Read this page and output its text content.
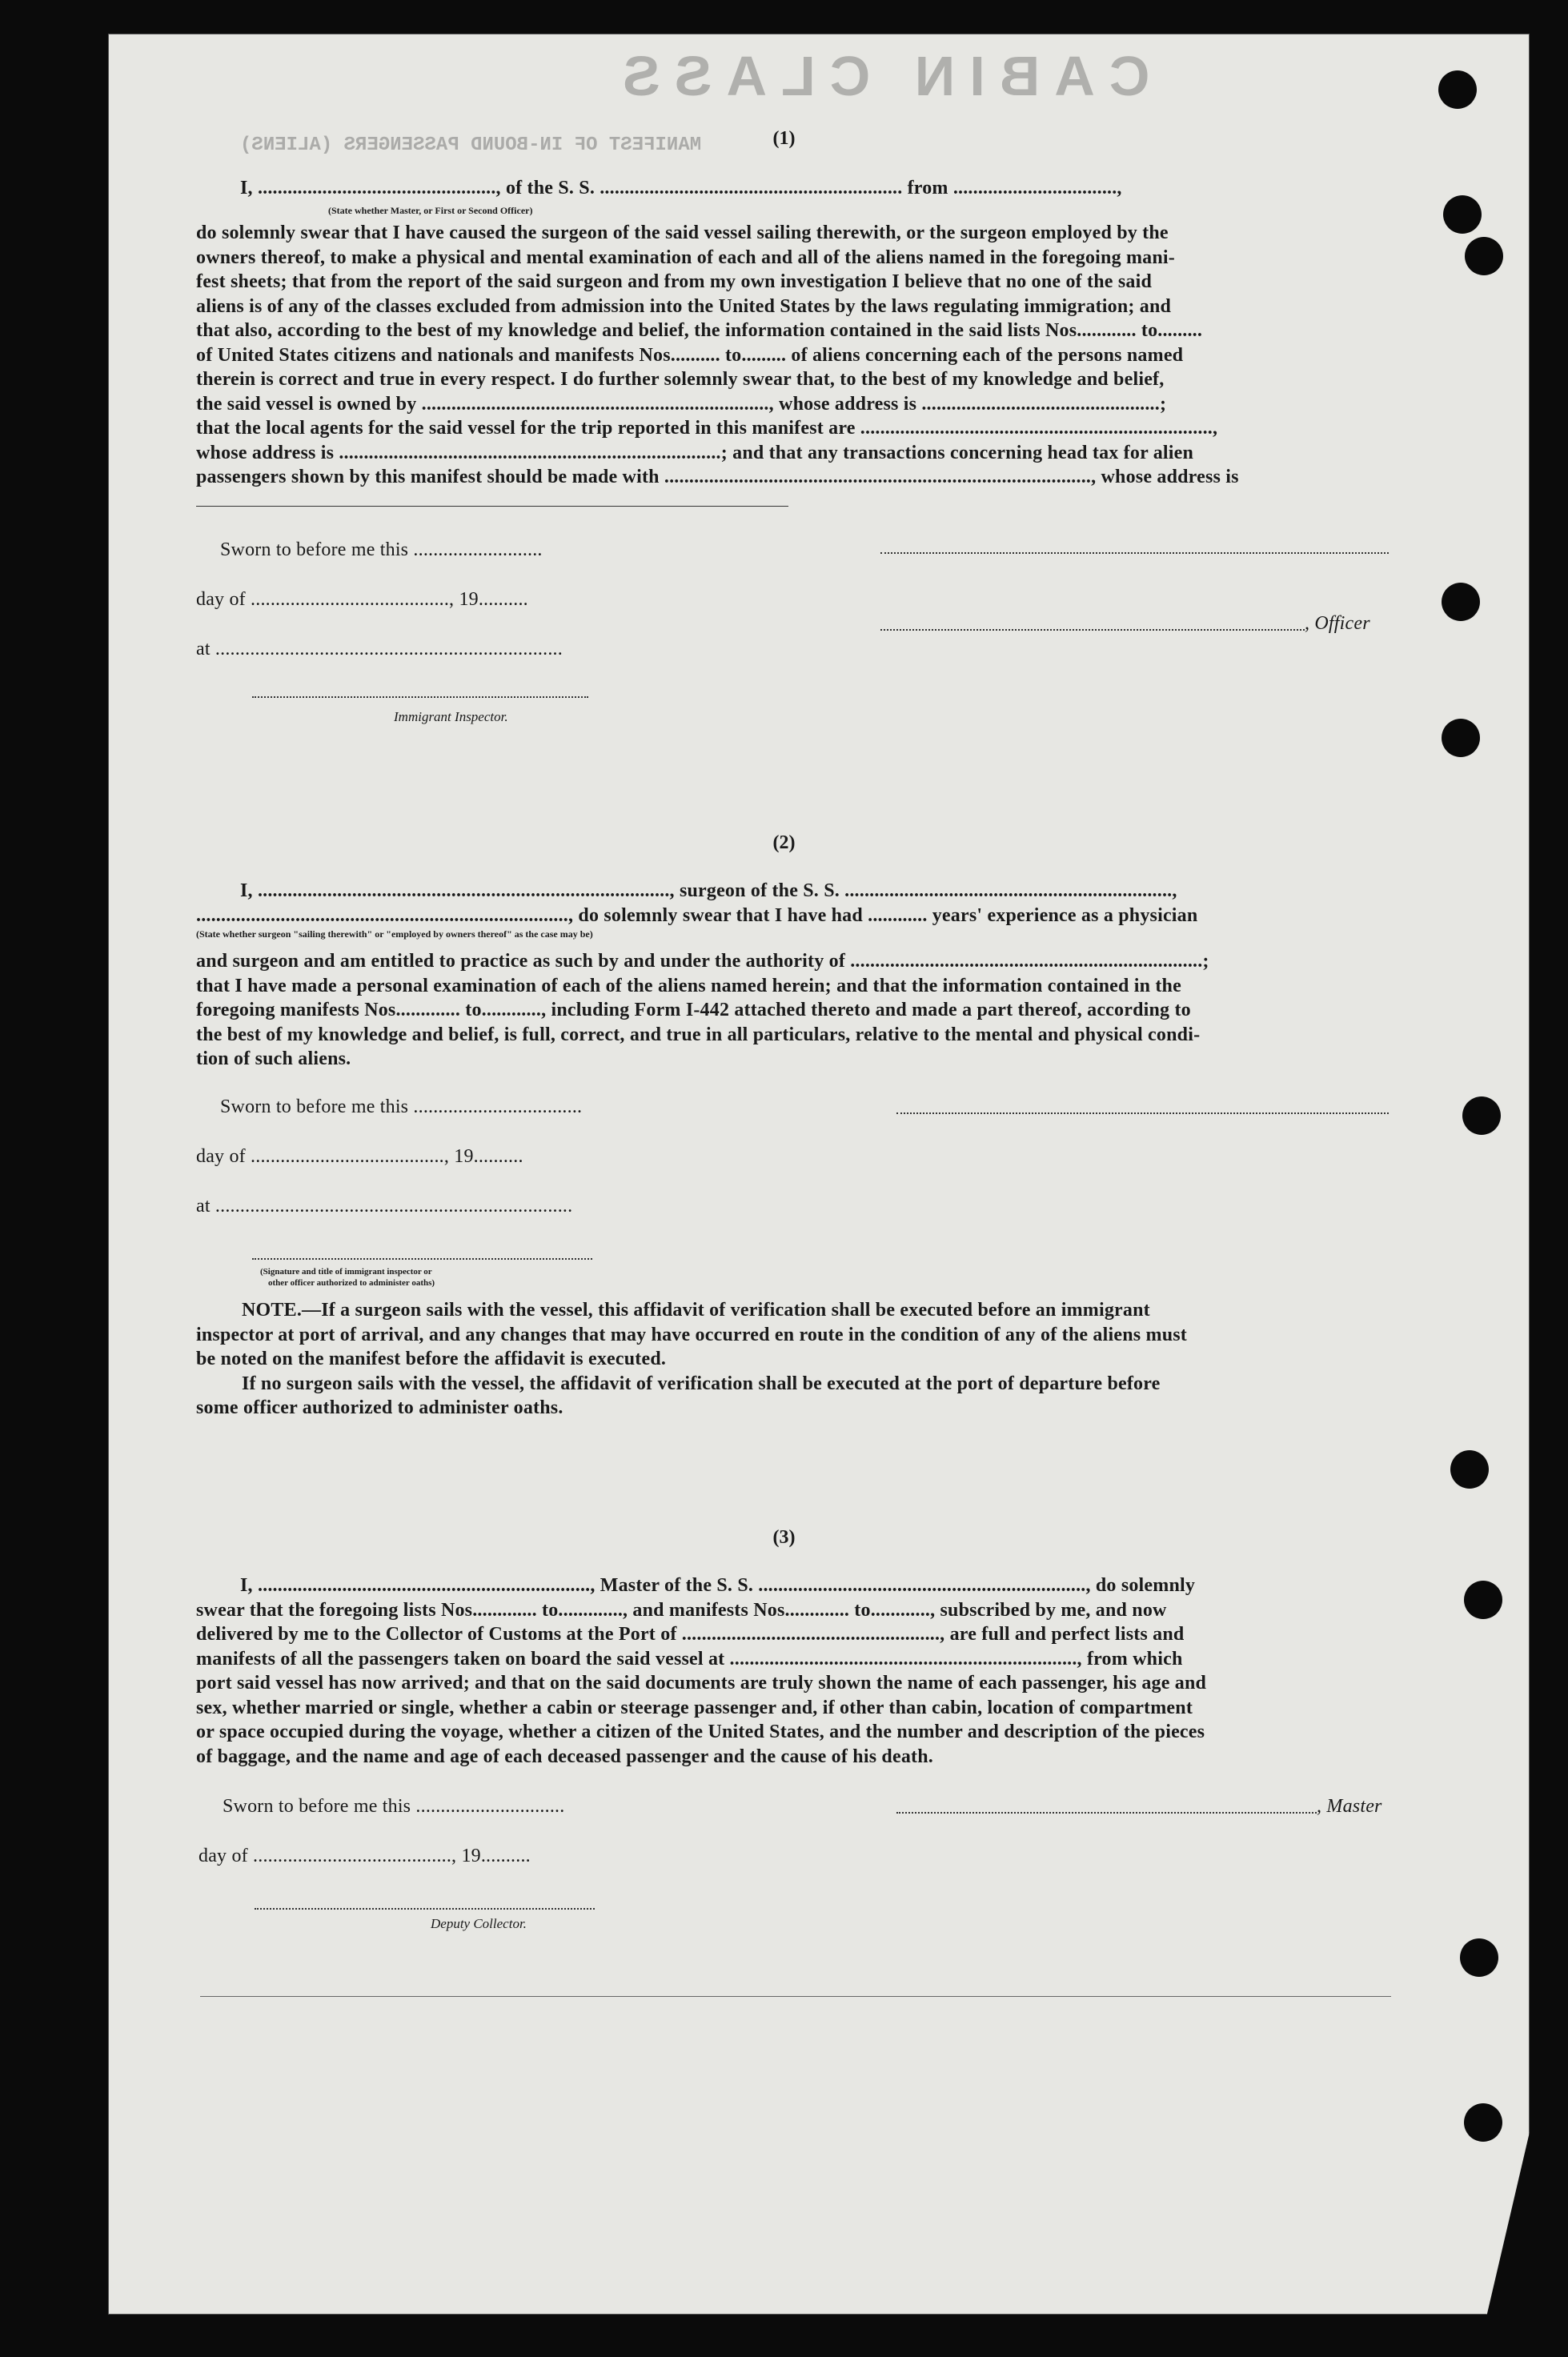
CABIN CLASS
MANIFEST OF IN-BOUND PASSENGERS (ALIENS)	(1)
I, ................................................, of the S. S. ............................................................. from .................................,
(State whether Master, or First or Second Officer)
do solemnly swear that I have caused the surgeon of the said vessel sailing therewith, or the surgeon employed by the
owners thereof, to make a physical and mental examination of each and all of the aliens named in the foregoing mani-
fest sheets; that from the report of the said surgeon and from my own investigation I believe that no one of the said
aliens is of any of the classes excluded from admission into the United States by the laws regulating immigration; and
that also, according to the best of my knowledge and belief, the information contained in the said lists Nos............ to.........
of United States citizens and nationals and manifests Nos.......... to......... of aliens concerning each of the persons named
therein is correct and true in every respect. I do further solemnly swear that, to the best of my knowledge and belief,
the said vessel is owned by ......................................................................, whose address is ................................................;
that the local agents for the said vessel for the trip reported in this manifest are .......................................................................,
whose address is .............................................................................; and that any transactions concerning head tax for alien
passengers shown by this manifest should be made with ......................................................................................, whose address is
Sworn to before me this ..........................
day of ........................................, 19..........
, Officer
at ......................................................................
Immigrant Inspector.
(2)
I, ..................................................................................., surgeon of the S. S. ..................................................................,
..........................................................................., do solemnly swear that I have had ............ years' experience as a physician
(State whether surgeon "sailing therewith" or "employed by owners thereof" as the case may be)
and surgeon and am entitled to practice as such by and under the authority of .......................................................................;
that I have made a personal examination of each of the aliens named herein; and that the information contained in the
foregoing manifests Nos............. to............, including Form I-442 attached thereto and made a part thereof, according to
the best of my knowledge and belief, is full, correct, and true in all particulars, relative to the mental and physical condi-
tion of such aliens.
Sworn to before me this ..................................
day of ......................................., 19..........
at ........................................................................
(Signature and title of immigrant inspector or
other officer authorized to administer oaths)
NOTE.—If a surgeon sails with the vessel, this affidavit of verification shall be executed before an immigrant
inspector at port of arrival, and any changes that may have occurred en route in the condition of any of the aliens must
be noted on the manifest before the affidavit is executed.
If no surgeon sails with the vessel, the affidavit of verification shall be executed at the port of departure before
some officer authorized to administer oaths.
(3)
I, ..................................................................., Master of the S. S. .................................................................., do solemnly
swear that the foregoing lists Nos............. to............., and manifests Nos............. to............, subscribed by me, and now
delivered by me to the Collector of Customs at the Port of ...................................................., are full and perfect lists and
manifests of all the passengers taken on board the said vessel at ......................................................................, from which
port said vessel has now arrived; and that on the said documents are truly shown the name of each passenger, his age and
sex, whether married or single, whether a cabin or steerage passenger and, if other than cabin, location of compartment
or space occupied during the voyage, whether a citizen of the United States, and the number and description of the pieces
of baggage, and the name and age of each deceased passenger and the cause of his death.
Sworn to before me this ..............................	, Master
day of ........................................, 19..........
Deputy Collector.
